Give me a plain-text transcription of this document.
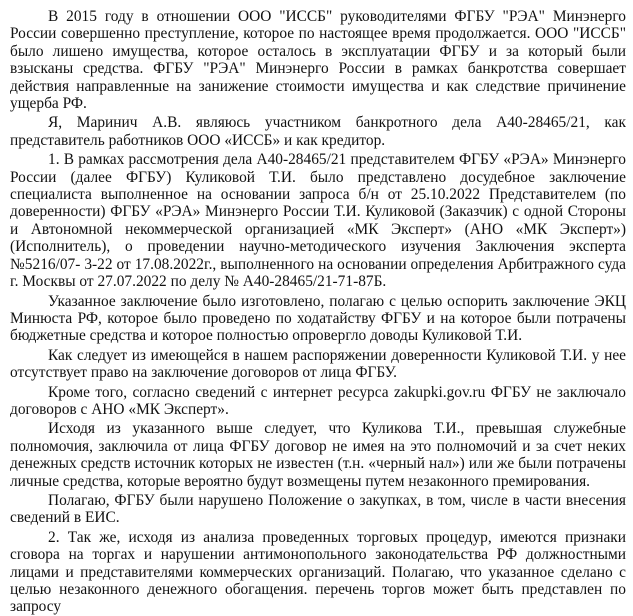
В 2015 году в отношении ООО "ИССБ" руководителями ФГБУ "РЭА" Минэнерго России совершенно преступление, которое по настоящее время продолжается. ООО "ИССБ" было лишено имущества, которое осталось в эксплуатации ФГБУ и за который были взысканы средства. ФГБУ "РЭА" Минэнерго России в рамках банкротства совершает действия направленные на занижение стоимости имущества и как следствие причинение ущерба РФ.

Я, Маринич А.В. являюсь участником банкротного дела А40-28465/21, как представитель работников ООО «ИССБ» и как кредитор.

1. В рамках рассмотрения дела А40-28465/21 представителем ФГБУ «РЭА» Минэнерго России (далее ФГБУ) Куликовой Т.И. было представлено досудебное заключение специалиста выполненное на основании запроса б/н от 25.10.2022 Представителем (по доверенности) ФГБУ «РЭА» Минэнерго России Т.И. Куликовой (Заказчик) с одной Стороны и Автономной некоммерческой организацией «МК Эксперт» (АНО «МК Эксперт») (Исполнитель), о проведении научно-методического изучения Заключения эксперта №5216/07- 3-22 от 17.08.2022г., выполненного на основании определения Арбитражного суда г. Москвы от 27.07.2022 по делу № А40-28465/21-71-87Б.

Указанное заключение было изготовлено, полагаю с целью оспорить заключение ЭКЦ Минюста РФ, которое было проведено по ходатайству ФГБУ и на которое были потрачены бюджетные средства и которое полностью опровергло доводы Куликовой Т.И.

Как следует из имеющейся в нашем распоряжении доверенности Куликовой Т.И. у нее отсутствует право на заключение договоров от лица ФГБУ.

Кроме того, согласно сведений с интернет ресурса zakupki.gov.ru ФГБУ не заключало договоров с АНО «МК Эксперт».

Исходя из указанного выше следует, что Куликова Т.И., превышая служебные полномочия, заключила от лица ФГБУ договор не имея на это полномочий и за счет неких денежных средств источник которых не известен (т.н. «черный нал») или же были потрачены личные средства, которые вероятно будут возмещены путем незаконного премирования.

Полагаю, ФГБУ были нарушено Положение о закупках, в том, числе в части внесения сведений в ЕИС.

2. Так же, исходя из анализа проведенных торговых процедур, имеются признаки сговора на торгах и нарушении антимонопольного законодательства РФ должностными лицами и представителями коммерческих организаций. Полагаю, что указанное сделано с целью незаконного денежного обогащения. перечень торгов может быть представлен по запросу
